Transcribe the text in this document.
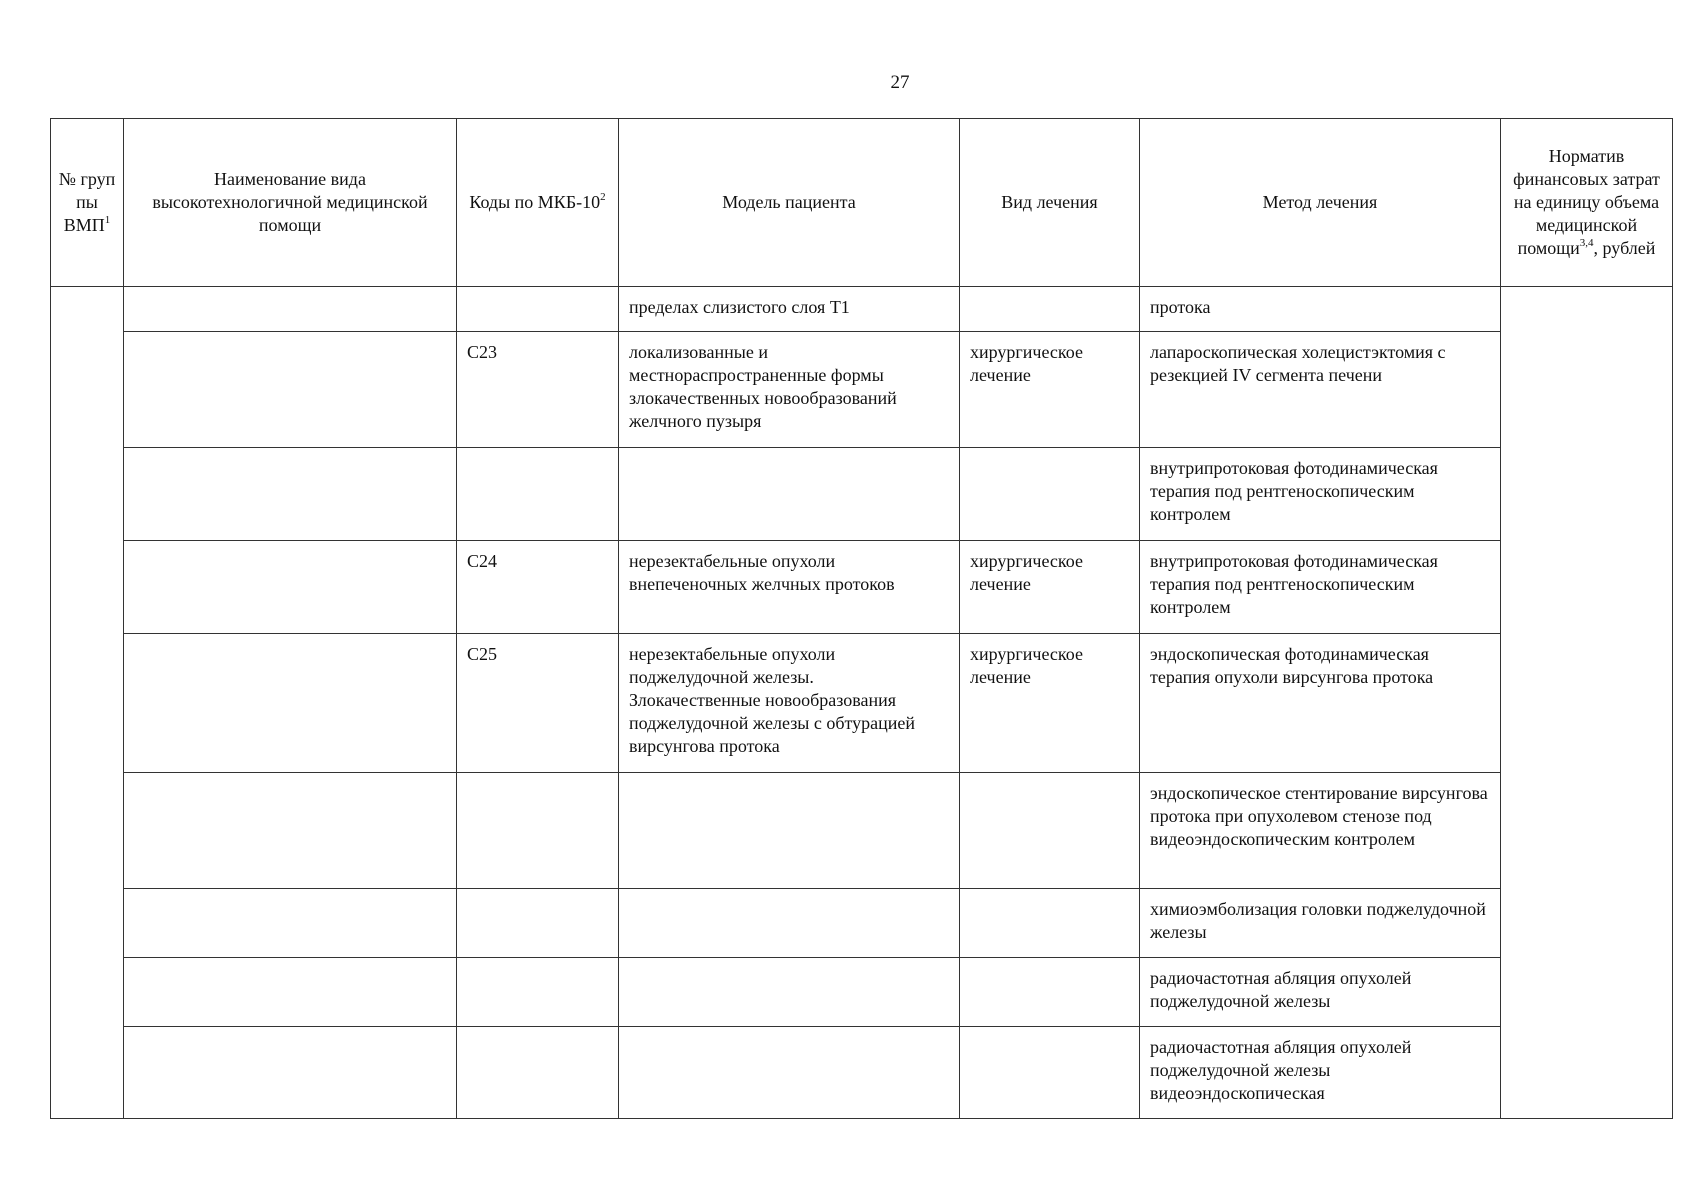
27
№ груп пы ВМП$^1$	Наименование вида высокотехнологичной медицинской помощи	Коды по МКБ-$10^2$	Модель пациента	Вид лечения	Метод лечения	Норматив финансовых затрат на единицу объема медицинской помощи$^{3,4}$, рублей
			пределах слизистого слоя Т1		протока	
		С23	локализованные и местнораспространенные формы злокачественных новообразований желчного пузыря	хирургическое лечение	лапароскопическая холецистэктомия с резекцией IV сегмента печени	
					внутрипротоковая фотодинамическая терапия под рентгеноскопическим контролем	
		С24	нерезектабельные опухоли внепеченочных желчных протоков	хирургическое лечение	внутрипротоковая фотодинамическая терапия под рентгеноскопическим контролем	
		С25	нерезектабельные опухоли поджелудочной железы. Злокачественные новообразования поджелудочной железы с обтурацией вирсунгова протока	хирургическое лечение	эндоскопическая фотодинамическая терапия опухоли вирсунгова протока	
					эндоскопическое стентирование вирсунгова протока при опухолевом стенозе под видеоэндоскопическим контролем	
					химиоэмболизация головки поджелудочной железы	
					радиочастотная абляция опухолей поджелудочной железы	
					радиочастотная абляция опухолей поджелудочной железы видеоэндоскопическая	
